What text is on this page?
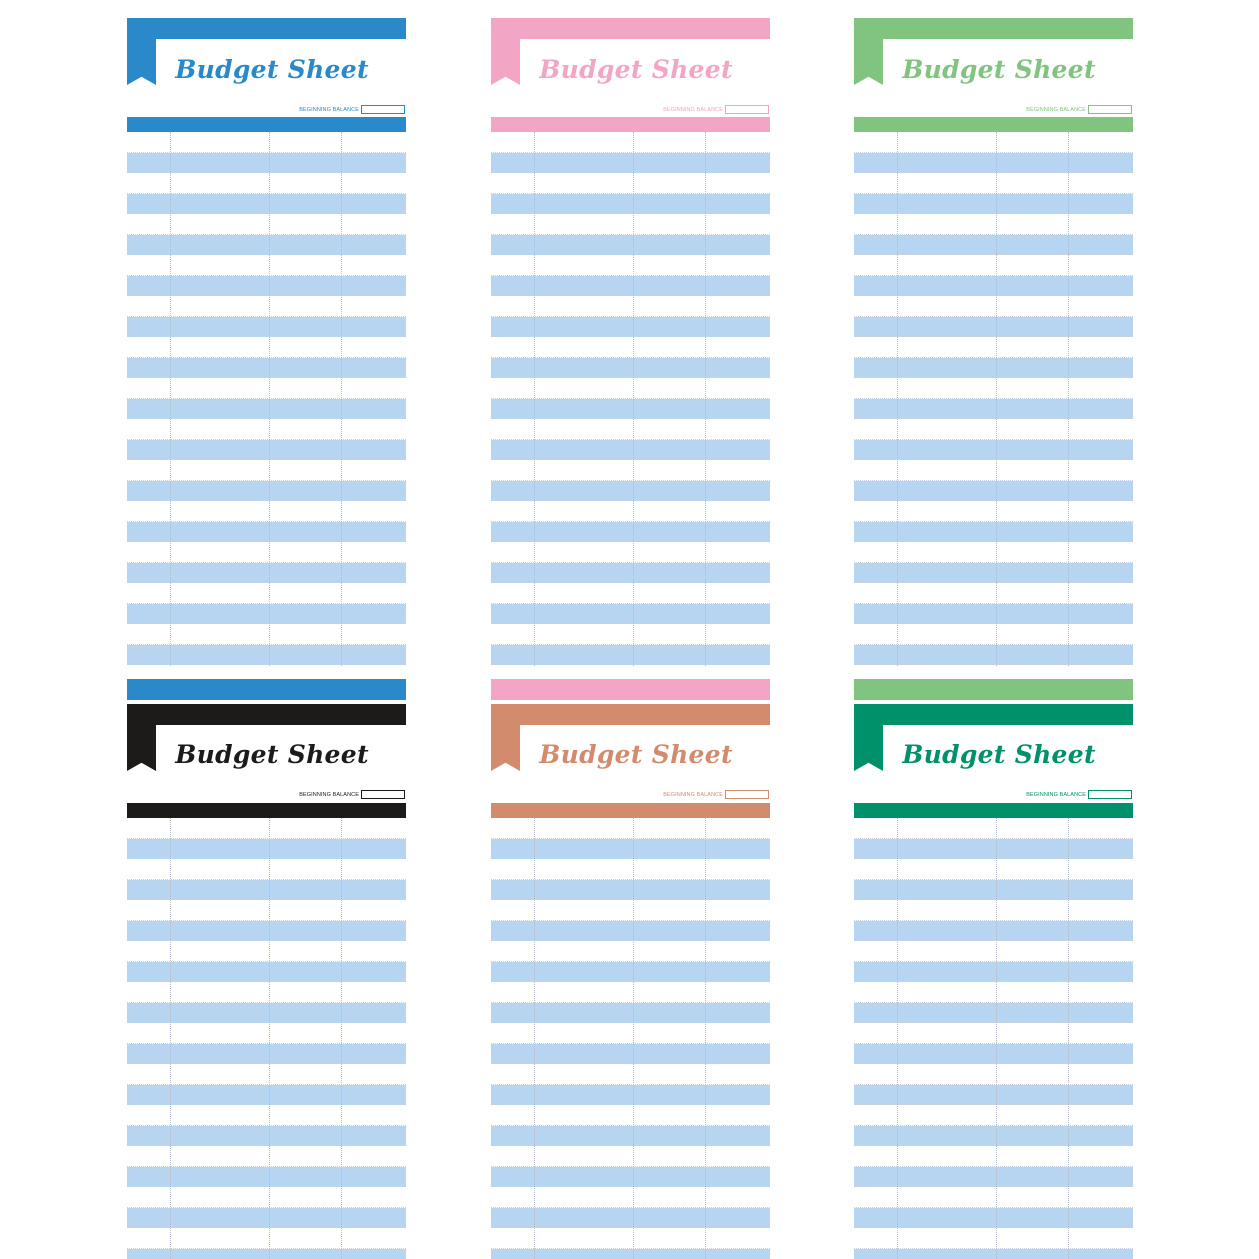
Budget Sheet
BEGINNING BALANCE
Budget Sheet
BEGINNING BALANCE
Budget Sheet
BEGINNING BALANCE
Budget Sheet
BEGINNING BALANCE
Budget Sheet
BEGINNING BALANCE
Budget Sheet
BEGINNING BALANCE
